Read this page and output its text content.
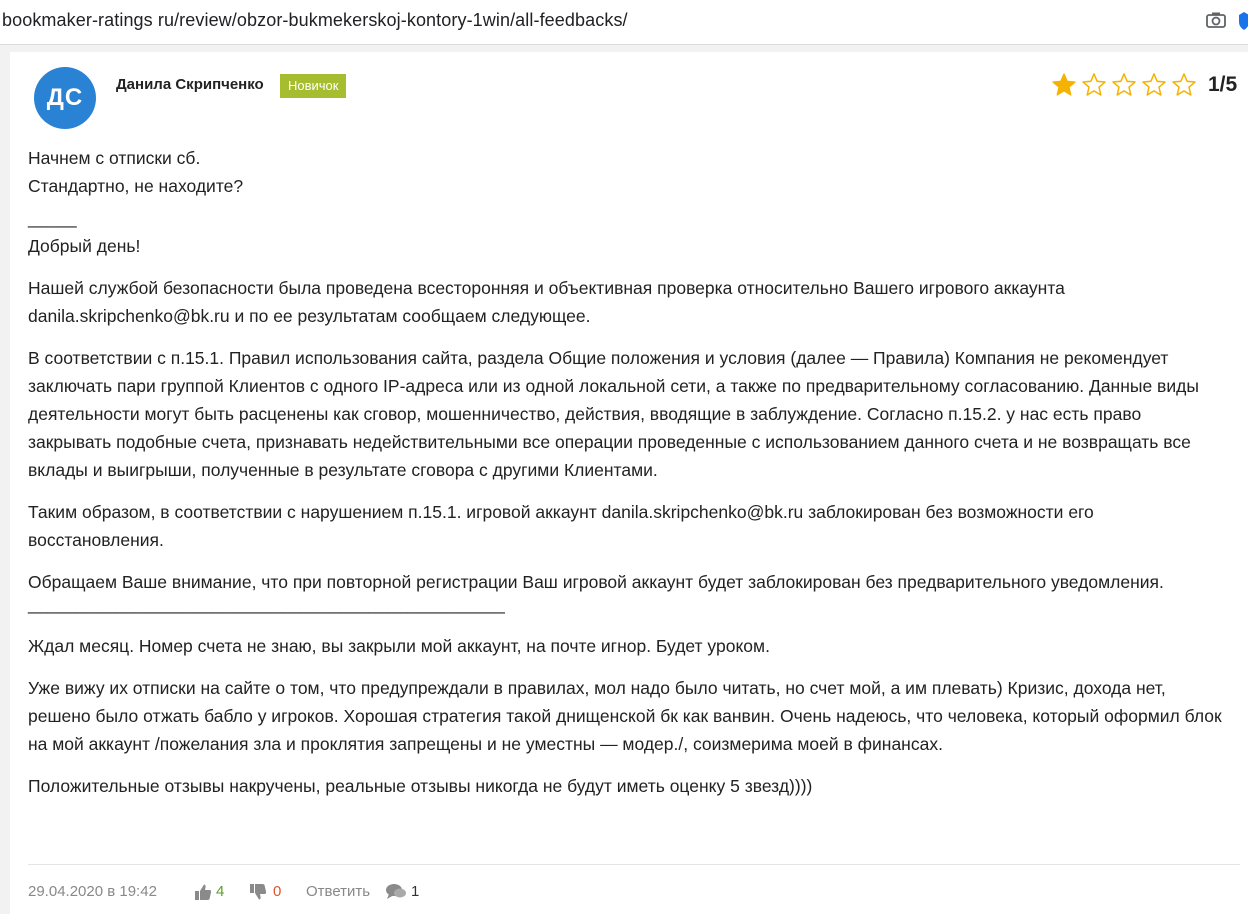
bookmaker-ratings ru/review/obzor-bukmekerskoj-kontory-1win/all-feedbacks/
ДС	Данила Скрипченко	Новичок	1/5

Начнем с отписки сб.

Стандартно, не находите?

_____

Добрый день!

Нашей службой безопасности была проведена всесторонняя и объективная проверка относительно Вашего игрового аккаунта danila.skripchenko@bk.ru и по ее результатам сообщаем следующее.

В соответствии с п.15.1. Правил использования сайта, раздела Общие положения и условия (далее — Правила) Компания не рекомендует заключать пари группой Клиентов с одного IP-адреса или из одной локальной сети, а также по предварительному согласованию. Данные виды деятельности могут быть расценены как сговор, мошенничество, действия, вводящие в заблуждение. Согласно п.15.2. у нас есть право закрывать подобные счета, признавать недействительными все операции проведенные с использованием данного счета и не возвращать все вклады и выигрыши, полученные в результате сговора с другими Клиентами.

Таким образом, в соответствии с нарушением п.15.1. игровой аккаунт danila.skripchenko@bk.ru заблокирован без возможности его восстановления.

Обращаем Ваше внимание, что при повторной регистрации Ваш игровой аккаунт будет заблокирован без предварительного уведомления.

_________________________________________________

Ждал месяц. Номер счета не знаю, вы закрыли мой аккаунт, на почте игнор. Будет уроком.

Уже вижу их отписки на сайте о том, что предупреждали в правилах, мол надо было читать, но счет мой, а им плевать) Кризис, дохода нет, решено было отжать бабло у игроков. Хорошая стратегия такой днищенской бк как ванвин. Очень надеюсь, что человека, который оформил блок на мой аккаунт /пожелания зла и проклятия запрещены и не уместны — модер./, соизмерима моей в финансах.

Положительные отзывы накручены, реальные отзывы никогда не будут иметь оценку 5 звезд))))

29.04.2020 в 19:42	4	0 Ответить	1
